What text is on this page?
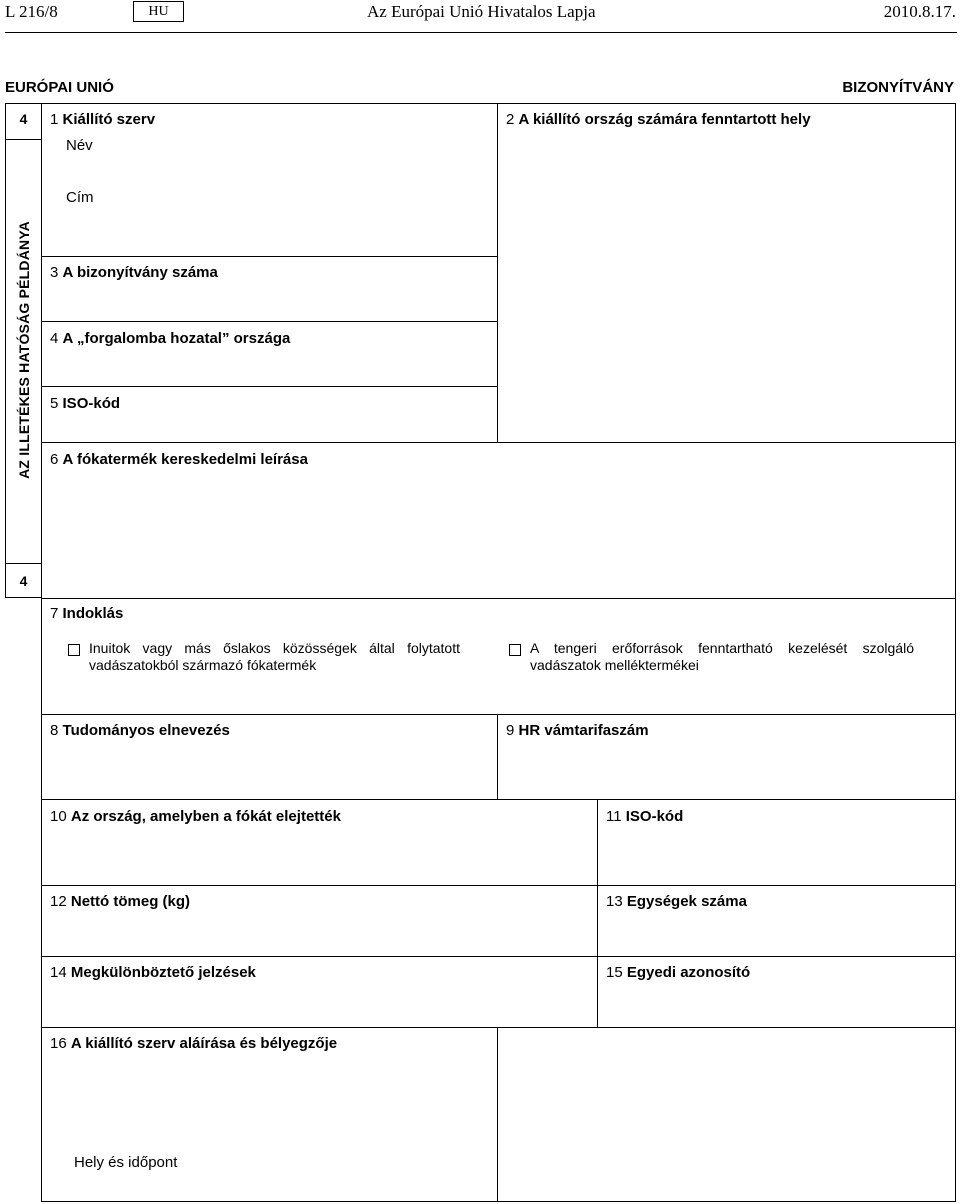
L 216/8	HU	Az Európai Unió Hivatalos Lapja	2010.8.17.
EURÓPAI UNIÓ	BIZONYÍTVÁNY
4
4
AZ ILLETÉKES HATÓSÁG PÉLDÁNYA
1 Kiállító szerv
Név
Cím
2 A kiállító ország számára fenntartott hely
3 A bizonyítvány száma
4 A „forgalomba hozatal” országa
5 ISO-kód
6 A fókatermék kereskedelmi leírása
7 Indoklás
Inuitok vagy más őslakos közösségek által folytatott vadászatokból származó fókatermék
A tengeri erőforrások fenntartható kezelését szolgáló vadászatok melléktermékei
8 Tudományos elnevezés	9 HR vámtarifaszám
10 Az ország, amelyben a fókát elejtették	11 ISO-kód
12 Nettó tömeg (kg)	13 Egységek száma
14 Megkülönböztető jelzések	15 Egyedi azonosító
16 A kiállító szerv aláírása és bélyegzője
Hely és időpont
